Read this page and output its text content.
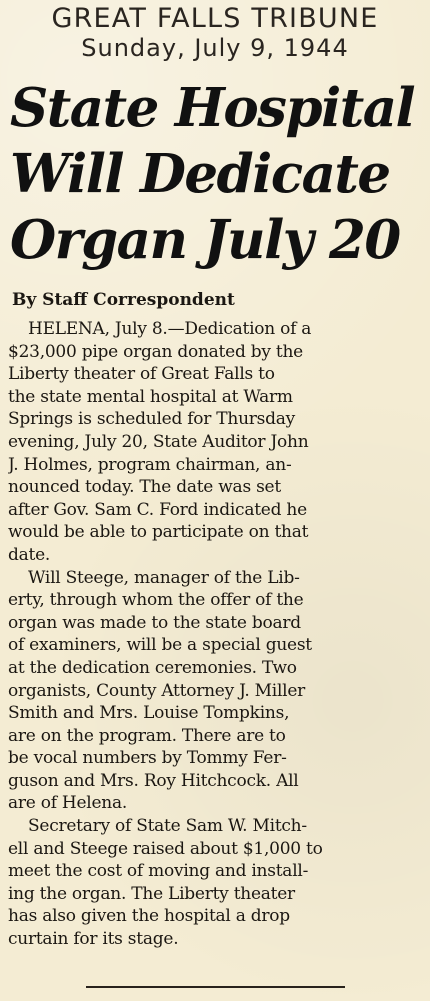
GREAT FALLS TRIBUNE
Sunday, July 9, 1944
State Hospital
Will Dedicate
Organ July 20
By Staff Correspondent
HELENA, July 8.—Dedication of a
$23,000 pipe organ donated by the
Liberty theater of Great Falls to
the state mental hospital at Warm
Springs is scheduled for Thursday
evening, July 20, State Auditor John
J. Holmes, program chairman, an-
nounced today. The date was set
after Gov. Sam C. Ford indicated he
would be able to participate on that
date.
Will Steege, manager of the Lib-
erty, through whom the offer of the
organ was made to the state board
of examiners, will be a special guest
at the dedication ceremonies. Two
organists, County Attorney J. Miller
Smith and Mrs. Louise Tompkins,
are on the program. There are to
be vocal numbers by Tommy Fer-
guson and Mrs. Roy Hitchcock. All
are of Helena.
Secretary of State Sam W. Mitch-
ell and Steege raised about $1,000 to
meet the cost of moving and install-
ing the organ. The Liberty theater
has also given the hospital a drop
curtain for its stage.
